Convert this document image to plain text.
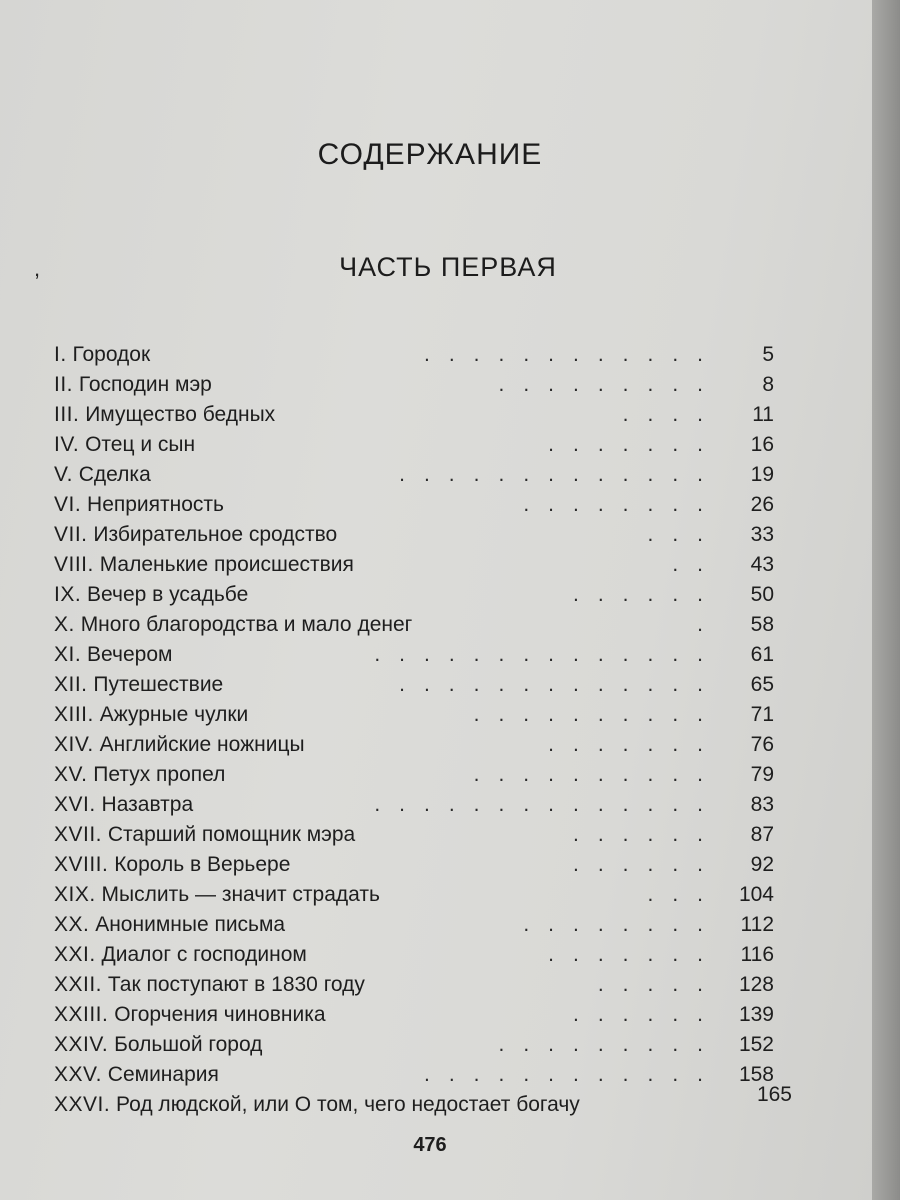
СОДЕРЖАНИЕ
,	ЧАСТЬ ПЕРВАЯ
I. Городок	............	5
II. Господин мэр	.........	8
III. Имущество бедных	....	11
IV. Отец и сын	.......	16
V. Сделка	.............	19
VI. Неприятность	........	26
VII. Избирательное сродство	...	33
VIII. Маленькие происшествия	..	43
IX. Вечер в усадьбе	......	50
X. Много благородства и мало денег	.	58
XI. Вечером	..............	61
XII. Путешествие	.............	65
XIII. Ажурные чулки	..........	71
XIV. Английские ножницы	.......	76
XV. Петух пропел	..........	79
XVI. Назавтра	..............	83
XVII. Старший помощник мэра	......	87
XVIII. Король в Верьере	......	92
XIX. Мыслить — значит страдать	... 104
XX. Анонимные письма	........ 112
XXI. Диалог с господином	....... 116
XXII. Так поступают в 1830 году	..... 128
XXIII. Огорчения чиновника	...... 139
XXIV. Большой город	......... 152
XXV. Семинария	............ 158
XXVI. Род людской, или О том, чего недостает богачу	165
476
